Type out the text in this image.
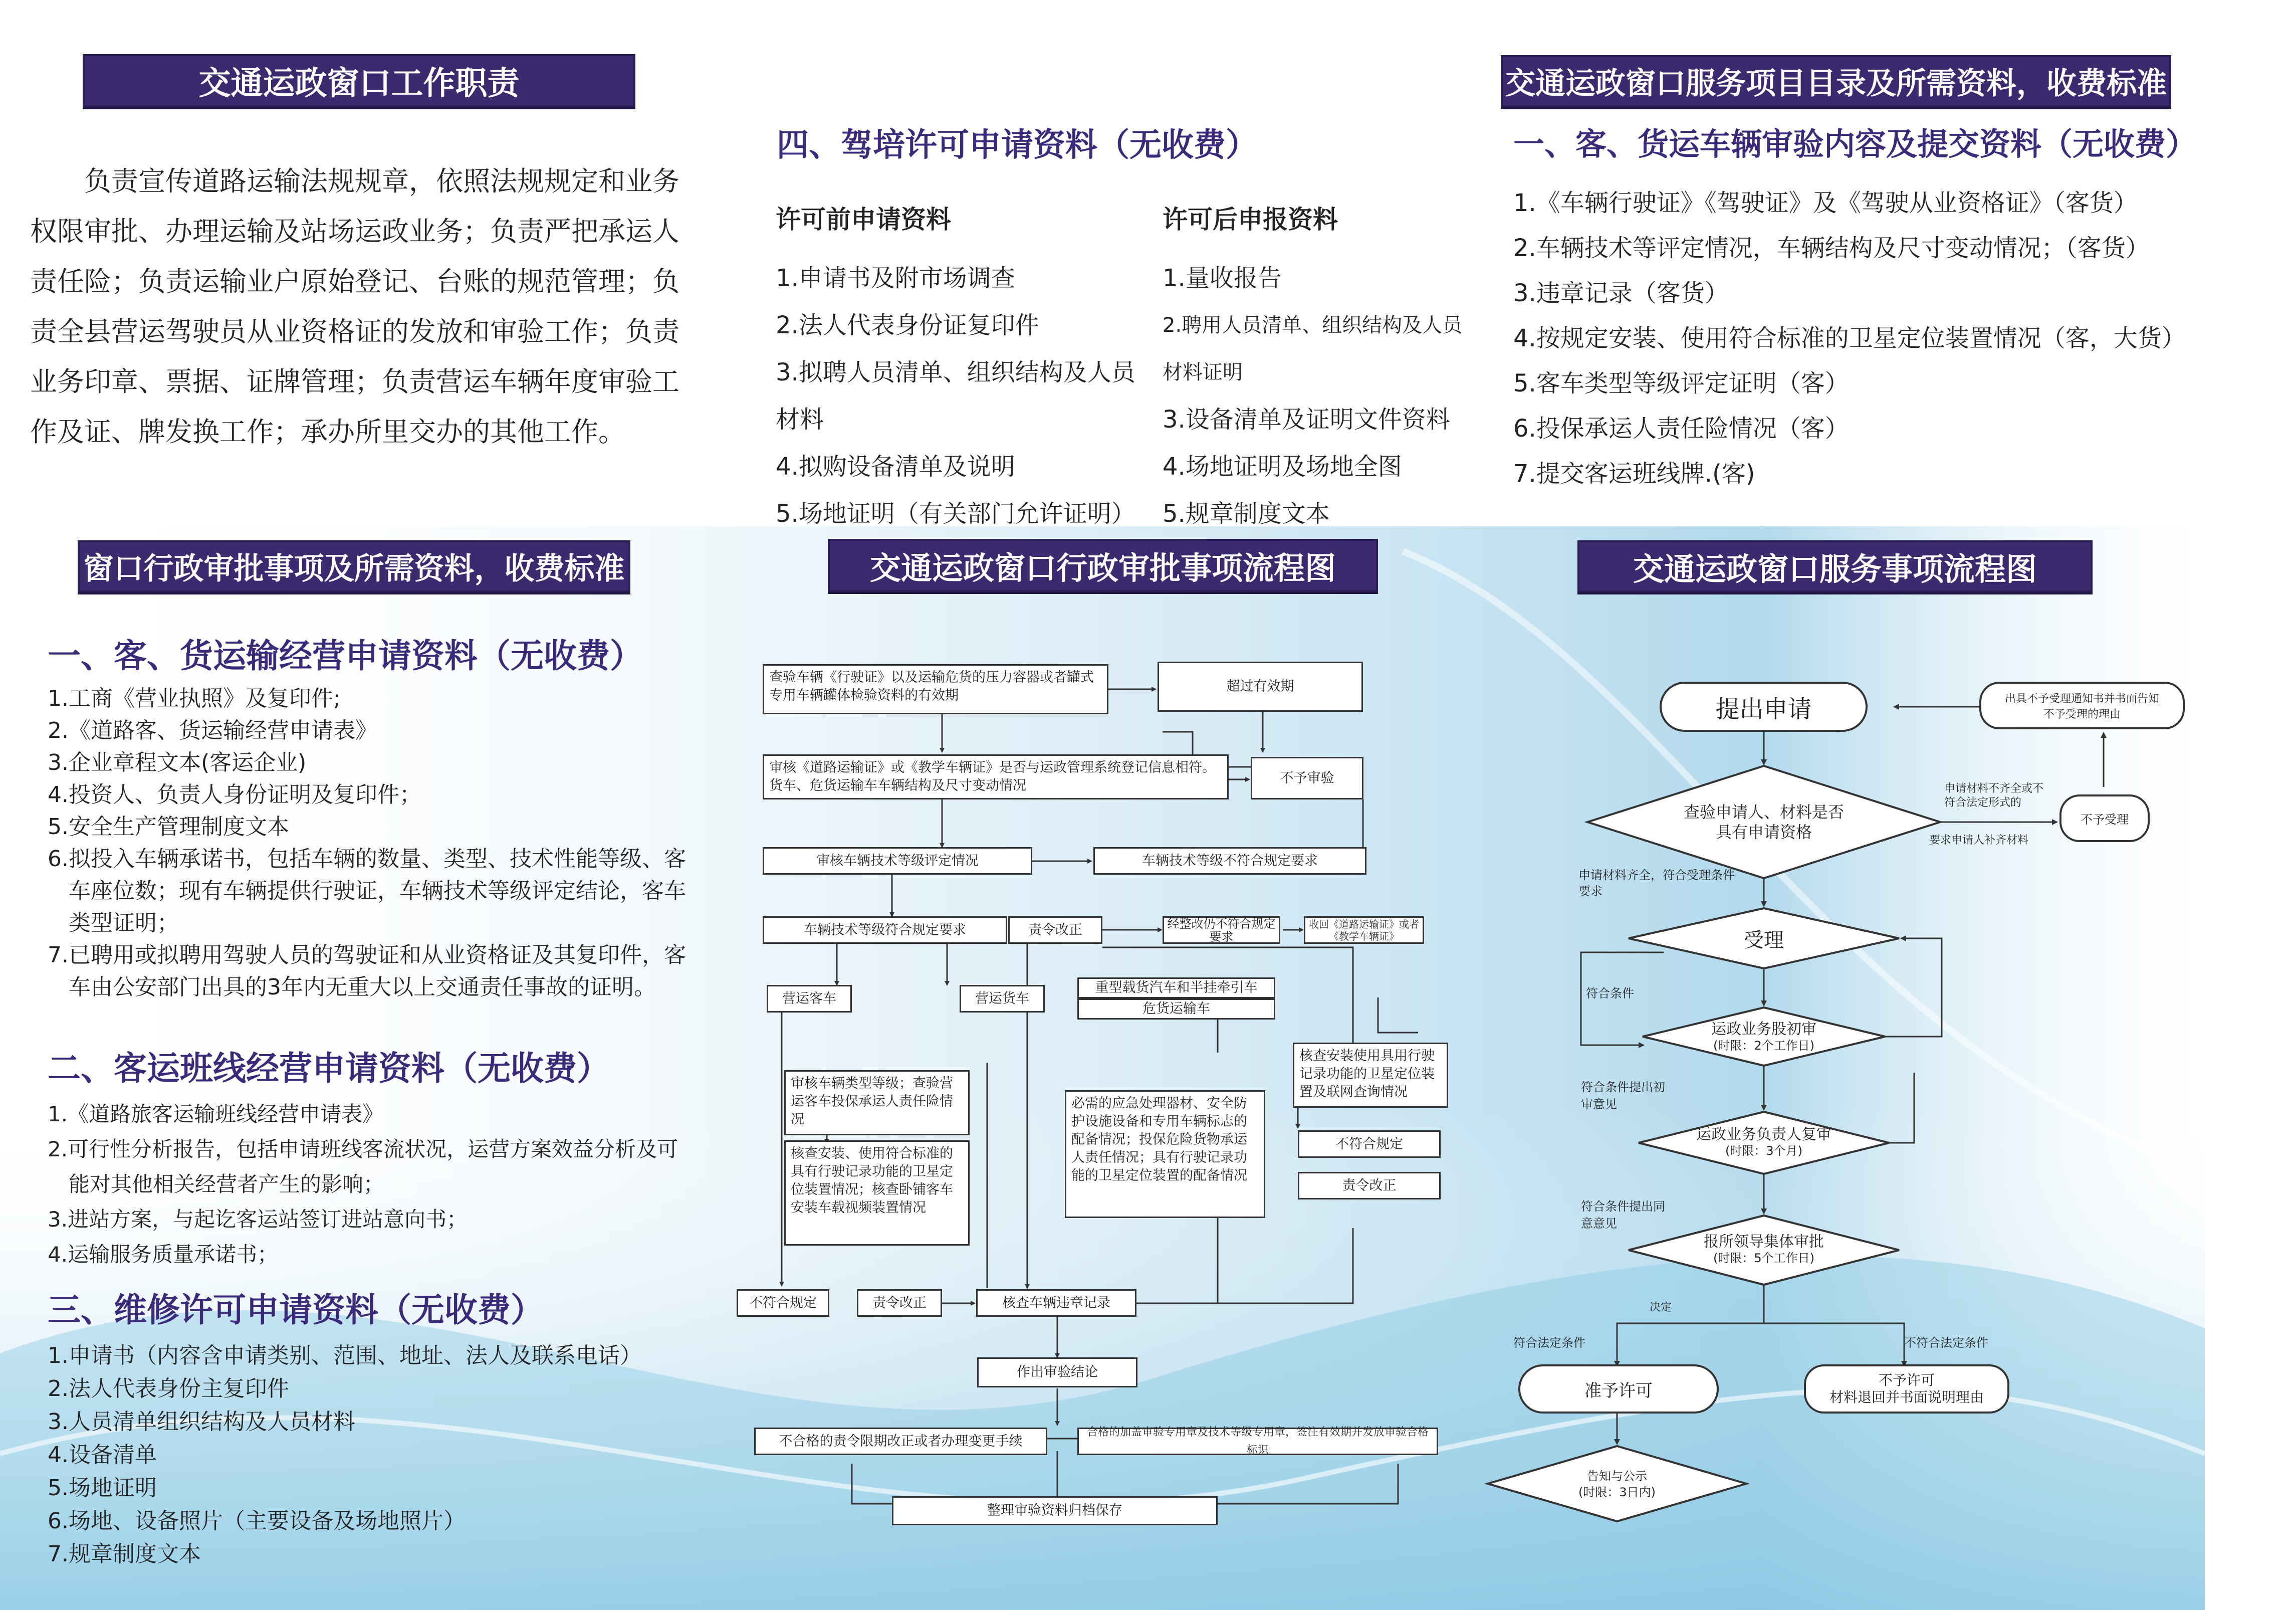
交通运政窗口工作职责
负责宣传道路运输法规规章，依照法规规定和业务权限审批、办理运输及站场运政业务；负责严把承运人责任险；负责运输业户原始登记、台账的规范管理；负责全县营运驾驶员从业资格证的发放和审验工作；负责业务印章、票据、证牌管理；负责营运车辆年度审验工作及证、牌发换工作；承办所里交办的其他工作。
窗口行政审批事项及所需资料，收费标准
一、客、货运输经营申请资料（无收费）
1.工商《营业执照》及复印件;
2.《道路客、货运输经营申请表》
3.企业章程文本(客运企业)
4.投资人、负责人身份证明及复印件；
5.安全生产管理制度文本
6.拟投入车辆承诺书，包括车辆的数量、类型、技术性能等级、客车座位数；现有车辆提供行驶证，车辆技术等级评定结论，客车类型证明；
7.已聘用或拟聘用驾驶人员的驾驶证和从业资格证及其复印件，客车由公安部门出具的3年内无重大以上交通责任事故的证明。
二、客运班线经营申请资料（无收费）
1.《道路旅客运输班线经营申请表》
2.可行性分析报告，包括申请班线客流状况，运营方案效益分析及可能对其他相关经营者产生的影响；
3.进站方案，与起讫客运站签订进站意向书；
4.运输服务质量承诺书；
三、维修许可申请资料（无收费）
1.申请书（内容含申请类别、范围、地址、法人及联系电话）
2.法人代表身份主复印件
3.人员清单组织结构及人员材料
4.设备清单
5.场地证明
6.场地、设备照片（主要设备及场地照片）
7.规章制度文本
四、驾培许可申请资料（无收费）
许可前申请资料
1.申请书及附市场调查
2.法人代表身份证复印件
3.拟聘人员清单、组织结构及人员材料
4.拟购设备清单及说明
5.场地证明（有关部门允许证明）
许可后申报资料
1.量收报告
2.聘用人员清单、组织结构及人员材料证明
3.设备清单及证明文件资料
4.场地证明及场地全图
5.规章制度文本
交通运政窗口行政审批事项流程图
查验车辆《行驶证》以及运输危货的压力容器或者罐式专用车辆罐体检验资料的有效期
超过有效期
审核《道路运输证》或《教学车辆证》是否与运政管理系统登记信息相符。货车、危货运输车车辆结构及尺寸变动情况	不予审验
审核车辆技术等级评定情况	车辆技术等级不符合规定要求
车辆技术等级符合规定要求	责令改正	经整改仍不符合规定要求
收回《道路运输证》或者《教学车辆证》
营运客车	营运货车
重型载货汽车和半挂牵引车
危货运输车
审核车辆类型等级；查验营运客车投保承运人责任险情况
核查安装、使用符合标准的具有行驶记录功能的卫星定位装置情况；核查卧铺客车安装车载视频装置情况
必需的应急处理器材、安全防护设施设备和专用车辆标志的配备情况；投保危险货物承运人责任情况；具有行驶记录功能的卫星定位装置的配备情况
核查安装使用具用行驶记录功能的卫星定位装置及联网查询情况
不符合规定
责令改正
不符合规定	责令改正	核查车辆违章记录
作出审验结论
不合格的责令限期改正或者办理变更手续
合格的加盖审验专用章及技术等级专用章，签注有效期并发放审验合格标识
整理审验资料归档保存
交通运政窗口服务项目目录及所需资料，收费标准
一、客、货运车辆审验内容及提交资料（无收费）
1.《车辆行驶证》《驾驶证》及《驾驶从业资格证》（客货）
2.车辆技术等评定情况，车辆结构及尺寸变动情况；（客货）
3.违章记录（客货）
4.按规定安装、使用符合标准的卫星定位装置情况（客，大货）
5.客车类型等级评定证明（客）
6.投保承运人责任险情况（客）
7.提交客运班线牌.(客)
交通运政窗口服务事项流程图
提出申请	出具不予受理通知书并书面告知不予受理的理由
不予受理
准予许可
不予许可
材料退回并书面说明理由
查验申请人、材料是否
具有申请资格
受理
运政业务股初审
(时限：2个工作日)
运政业务负责人复审
(时限：3个月)
报所领导集体审批
(时限：5个工作日)
告知与公示
(时限：3日内)
申请材料不齐全或不符合法定形式的
要求申请人补齐材料
申请材料齐全，符合受理条件要求
符合条件
符合条件提出初审意见
符合条件提出同意意见
决定
符合法定条件	不符合法定条件
